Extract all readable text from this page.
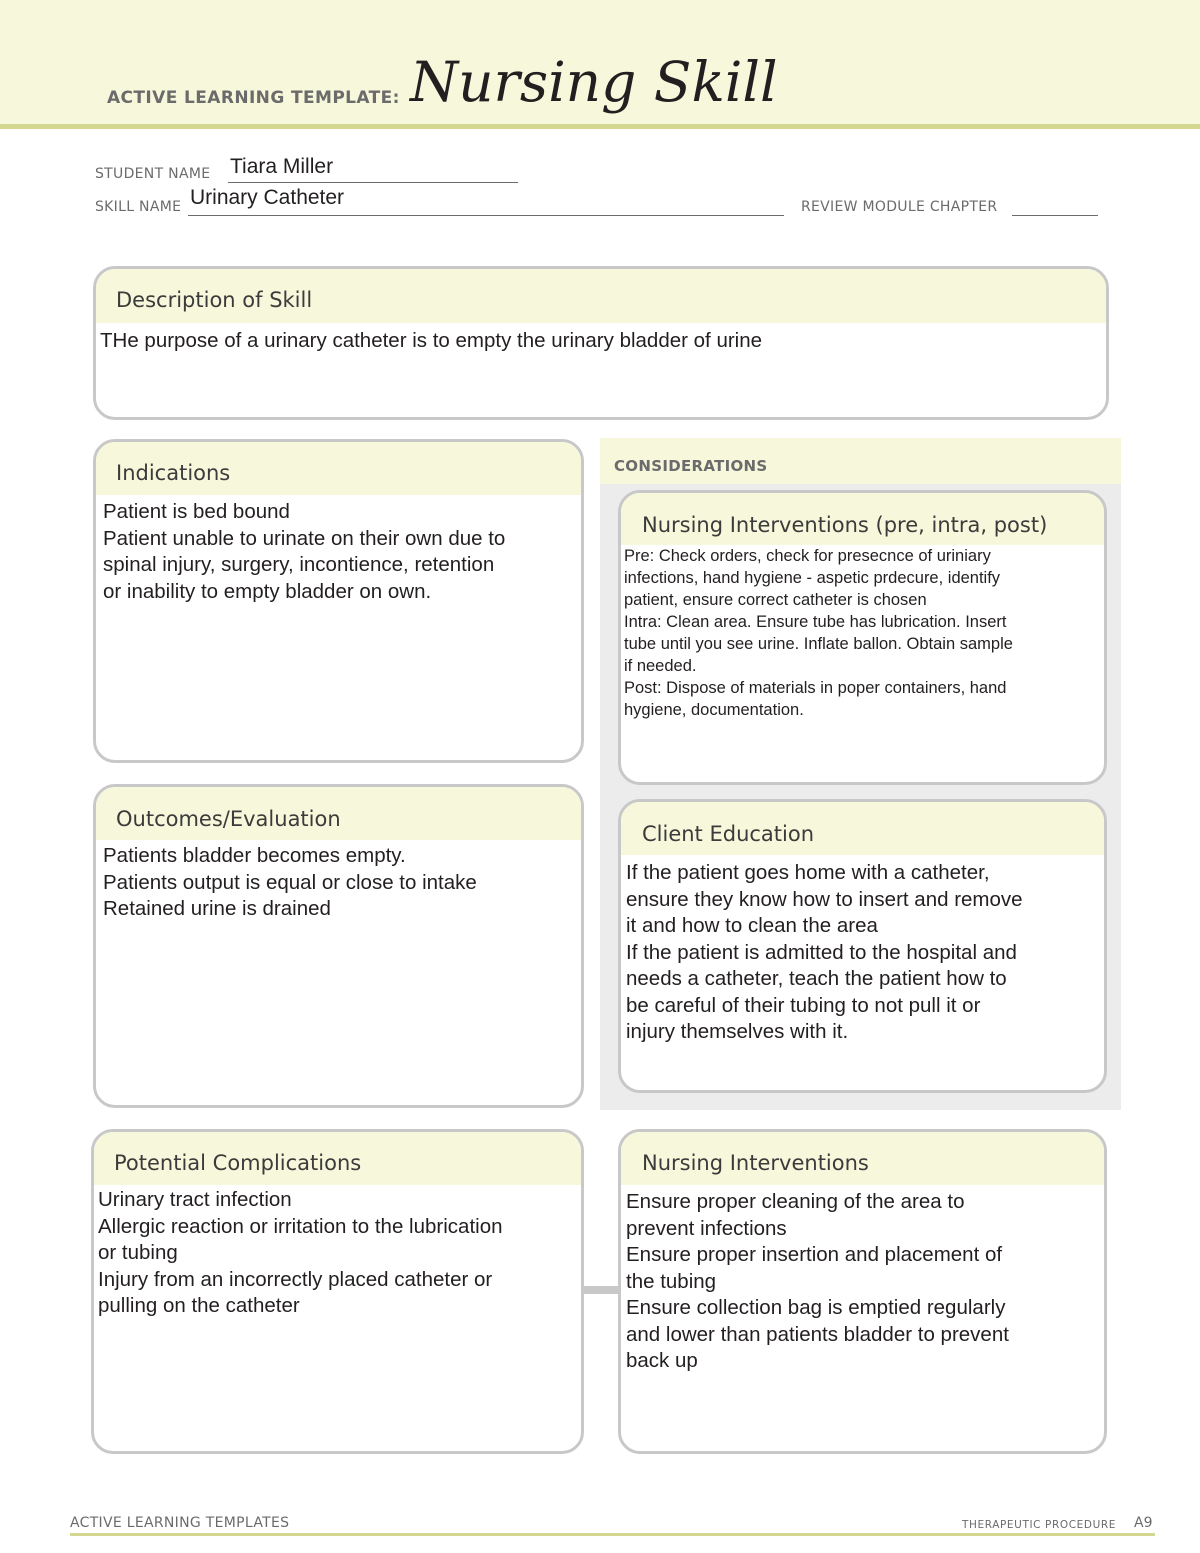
ACTIVE LEARNING TEMPLATE: Nursing Skill
STUDENT NAME Tiara Miller
SKILL NAME Urinary Catheter	REVIEW MODULE CHAPTER
Description of Skill
THe purpose of a urinary catheter is to empty the urinary bladder of urine
Indications
Patient is bed bound
Patient unable to urinate on their own due to
spinal injury, surgery, incontience, retention
or inability to empty bladder on own.
Outcomes/Evaluation
Patients bladder becomes empty.
Patients output is equal or close to intake
Retained urine is drained
CONSIDERATIONS
Nursing Interventions (pre, intra, post)
Pre: Check orders, check for presecnce of uriniary
infections, hand hygiene - aspetic prdecure, identify
patient, ensure correct catheter is chosen
Intra: Clean area. Ensure tube has lubrication. Insert
tube until you see urine. Inflate ballon. Obtain sample
if needed.
Post: Dispose of materials in poper containers, hand
hygiene, documentation.
Client Education
If the patient goes home with a catheter,
ensure they know how to insert and remove
it and how to clean the area
If the patient is admitted to the hospital and
needs a catheter, teach the patient how to
be careful of their tubing to not pull it or
injury themselves with it.
Potential Complications
Urinary tract infection
Allergic reaction or irritation to the lubrication
or tubing
Injury from an incorrectly placed catheter or
pulling on the catheter
Nursing Interventions
Ensure proper cleaning of the area to
prevent infections
Ensure proper insertion and placement of
the tubing
Ensure collection bag is emptied regularly
and lower than patients bladder to prevent
back up
ACTIVE LEARNING TEMPLATES	THERAPEUTIC PROCEDURE A9
